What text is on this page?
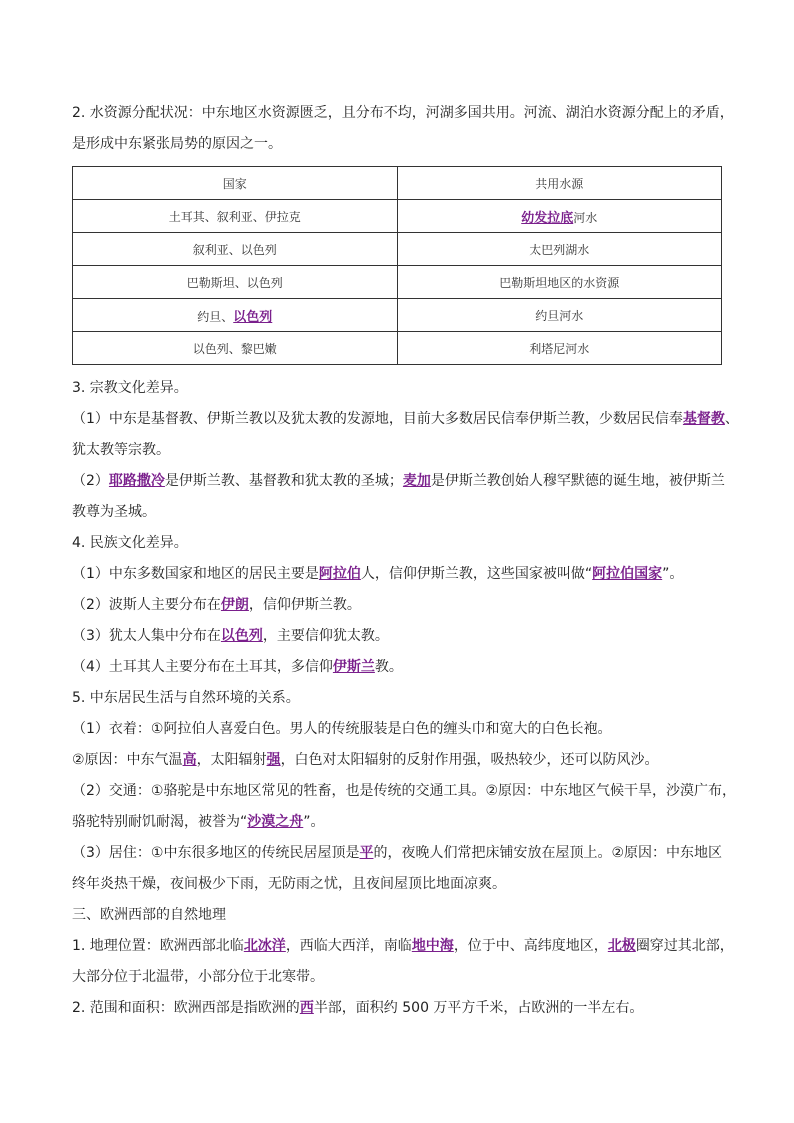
2. 水资源分配状况：中东地区水资源匮乏，且分布不均，河湖多国共用。河流、湖泊水资源分配上的矛盾，

是形成中东紧张局势的原因之一。

国家	共用水源
土耳其、叙利亚、伊拉克	幼发拉底河水
叙利亚、以色列	太巴列湖水
巴勒斯坦、以色列	巴勒斯坦地区的水资源
约旦、以色列	约旦河水
以色列、黎巴嫩	利塔尼河水

3. 宗教文化差异。

（1）中东是基督教、伊斯兰教以及犹太教的发源地，目前大多数居民信奉伊斯兰教，少数居民信奉基督教、

犹太教等宗教。

（2）耶路撒冷是伊斯兰教、基督教和犹太教的圣城；麦加是伊斯兰教创始人穆罕默德的诞生地，被伊斯兰

教尊为圣城。

4. 民族文化差异。

（1）中东多数国家和地区的居民主要是阿拉伯人，信仰伊斯兰教，这些国家被叫做“阿拉伯国家”。

（2）波斯人主要分布在伊朗，信仰伊斯兰教。

（3）犹太人集中分布在以色列，主要信仰犹太教。

（4）土耳其人主要分布在土耳其，多信仰伊斯兰教。

5. 中东居民生活与自然环境的关系。

（1）衣着：①阿拉伯人喜爱白色。男人的传统服装是白色的缠头巾和宽大的白色长袍。

②原因：中东气温高，太阳辐射强，白色对太阳辐射的反射作用强，吸热较少，还可以防风沙。

（2）交通：①骆驼是中东地区常见的牲畜，也是传统的交通工具。②原因：中东地区气候干旱，沙漠广布，

骆驼特别耐饥耐渴，被誉为“沙漠之舟”。

（3）居住：①中东很多地区的传统民居屋顶是平的，夜晚人们常把床铺安放在屋顶上。②原因：中东地区

终年炎热干燥，夜间极少下雨，无防雨之忧，且夜间屋顶比地面凉爽。

三、欧洲西部的自然地理

1. 地理位置：欧洲西部北临北冰洋，西临大西洋，南临地中海，位于中、高纬度地区，北极圈穿过其北部，

大部分位于北温带，小部分位于北寒带。

2. 范围和面积：欧洲西部是指欧洲的西半部，面积约 500 万平方千米，占欧洲的一半左右。
